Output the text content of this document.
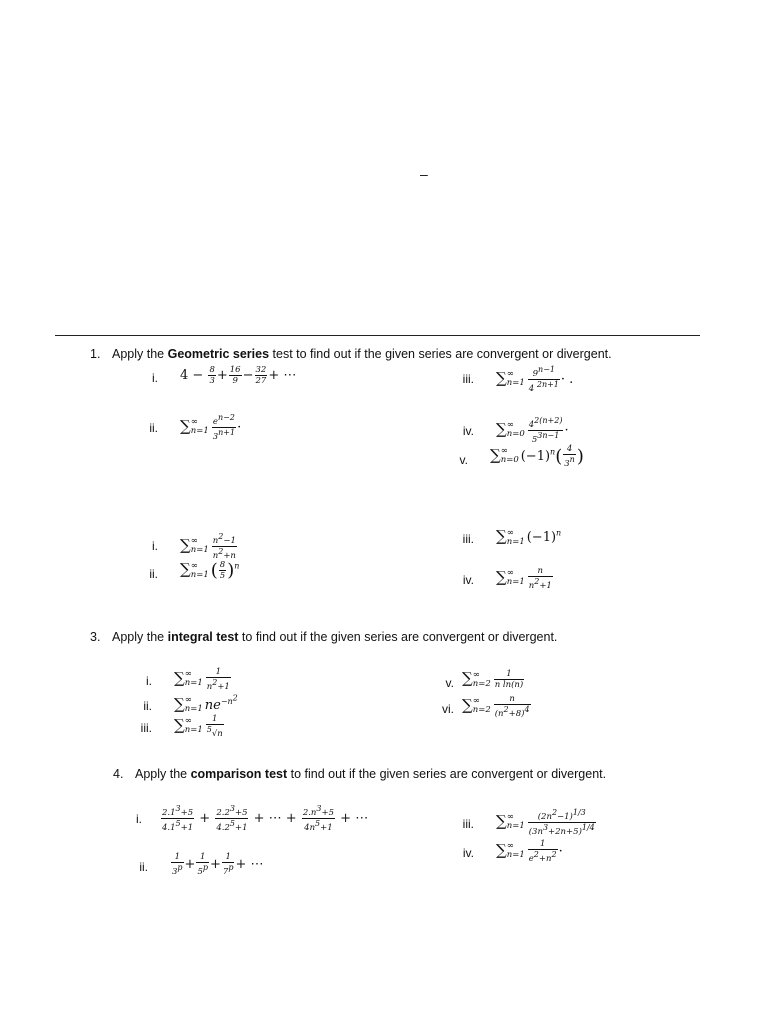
–
1. Apply the Geometric series test to find out if the given series are convergent or divergent.
i. $4 - \frac{8}{3} + \frac{16}{9} - \frac{32}{27}$ + ⋯	iii. ∑ ∞
$n=1 \frac{9^{n-1}}{4 ^{2n+1}}$ · .
ii. ∑ ∞
$n=1 \frac{e^{n-2}}{3^{n+1}}$ ·	iv. ∑ ∞
$n=0 \frac{4^{2(n+2)}}{5^{3n-1}}$ ·
v. ∑ ∞
n=0 $(-1)^n( \frac{4}{3^n}$ )
i. ∑ ∞
$n=1 \frac{n^2-1}{n^2+n}$	iii. ∑ ∞
n=1 $(-1)^n$
ii. ∑ ∞
n=1 ( $\frac{8}{5} )^n$
iv. ∑ ∞
$n=1 \frac{n}{n^2+1}$
3. Apply the integral test to find out if the given series are convergent or divergent.
i. ∑ ∞
$n=1 \frac{1}{n^2+1}$	v. ∑ ∞
$n=2 \frac{1}{\text{n ln(n)}}$
ii. ∑ ∞
n=1 $ne^{-n^2}$
vi. ∑ ∞
$n=2 \frac{n}{(n^2+8)^4}$
iii. ∑ ∞
$n=1 \frac{1}{^5√n}$
4. Apply the comparison test to find out if the given series are convergent or divergent.
i. $\frac{2.1^3+5}{4.1^5+1} + \frac{2.2^3+5}{4.2^5+1}$ + ⋯ + $\frac{2.n^3+5}{4n^5+1}$ + ⋯	iii. ∑ ∞
$n=1 \frac{(2n^2-1)^{1/3}}{(3n^3+2n+5)^{1/4}}$
iv. ∑ ∞
$n=1 \frac{1}{e^2+n^2}$ ·
ii.	$\frac{1}{3^p} + \frac{1}{5^p} + \frac{1}{7^p}$ + ⋯
